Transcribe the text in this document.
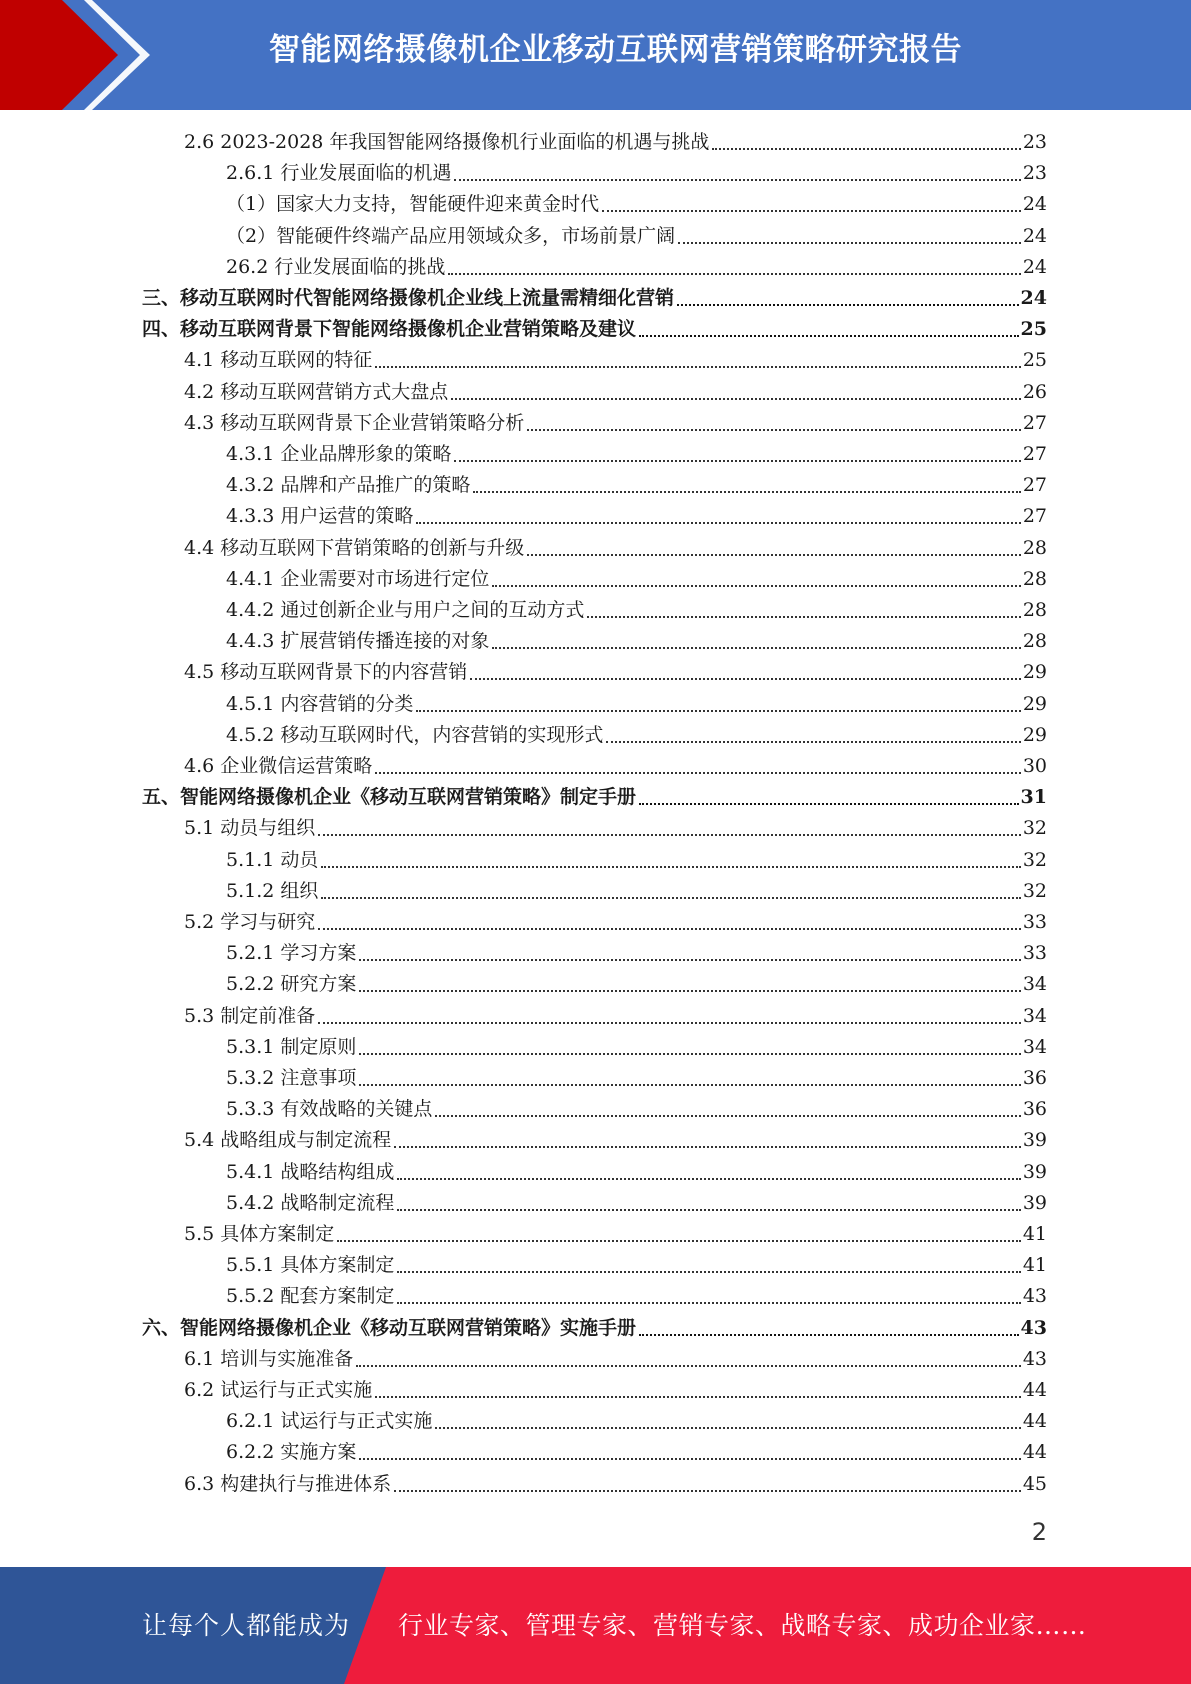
智能网络摄像机企业移动互联网营销策略研究报告
2.6 2023-2028 年我国智能网络摄像机行业面临的机遇与挑战	23
2.6.1 行业发展面临的机遇	23
（1）国家大力支持，智能硬件迎来黄金时代	24
（2）智能硬件终端产品应用领域众多，市场前景广阔	24
26.2 行业发展面临的挑战	24
三、移动互联网时代智能网络摄像机企业线上流量需精细化营销	24
四、移动互联网背景下智能网络摄像机企业营销策略及建议	25
4.1 移动互联网的特征	25
4.2 移动互联网营销方式大盘点	26
4.3 移动互联网背景下企业营销策略分析	27
4.3.1 企业品牌形象的策略	27
4.3.2 品牌和产品推广的策略	27
4.3.3 用户运营的策略	27
4.4 移动互联网下营销策略的创新与升级	28
4.4.1 企业需要对市场进行定位	28
4.4.2 通过创新企业与用户之间的互动方式	28
4.4.3 扩展营销传播连接的对象	28
4.5 移动互联网背景下的内容营销	29
4.5.1 内容营销的分类	29
4.5.2 移动互联网时代，内容营销的实现形式	29
4.6 企业微信运营策略	30
五、智能网络摄像机企业《移动互联网营销策略》制定手册	31
5.1 动员与组织	32
5.1.1 动员	32
5.1.2 组织	32
5.2 学习与研究	33
5.2.1 学习方案	33
5.2.2 研究方案	34
5.3 制定前准备	34
5.3.1 制定原则	34
5.3.2 注意事项	36
5.3.3 有效战略的关键点	36
5.4 战略组成与制定流程	39
5.4.1 战略结构组成	39
5.4.2 战略制定流程	39
5.5 具体方案制定	41
5.5.1 具体方案制定	41
5.5.2 配套方案制定	43
六、智能网络摄像机企业《移动互联网营销策略》实施手册	43
6.1 培训与实施准备	43
6.2 试运行与正式实施	44
6.2.1 试运行与正式实施	44
6.2.2 实施方案	44
6.3 构建执行与推进体系	45
2
让每个人都能成为 行业专家、管理专家、营销专家、战略专家、成功企业家……
